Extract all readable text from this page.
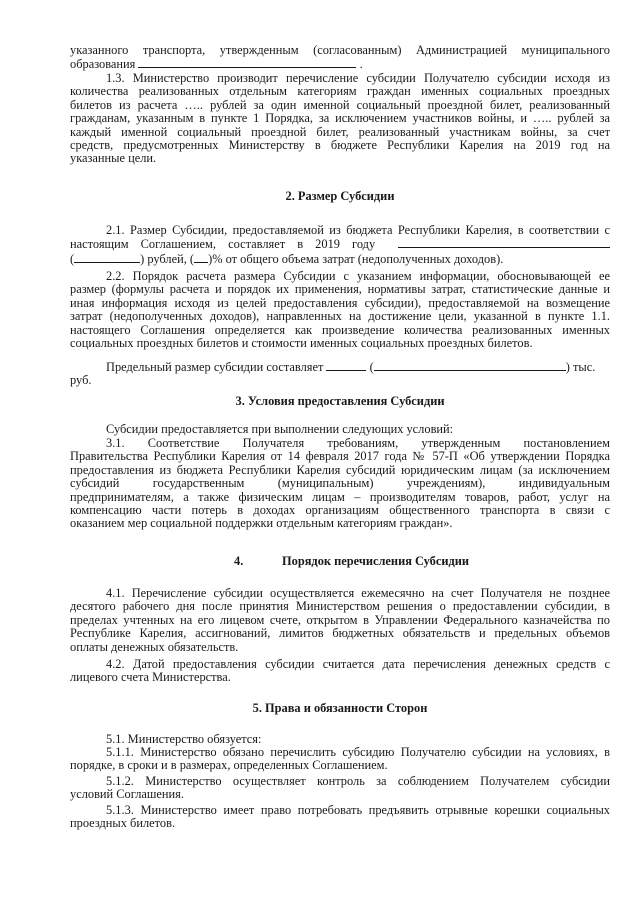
указанного транспорта, утвержденным (согласованным) Администрацией муниципального
образования	.
1.3. Министерство производит перечисление субсидии Получателю субсидии исходя из
количества реализованных отдельным категориям граждан именных социальных проездных
билетов из расчета ….. рублей за один именной социальный проездной билет, реализованный
гражданам, указанным в пункте 1 Порядка, за исключением участников войны, и ….. рублей за
каждый именной социальный проездной билет, реализованный участникам войны, за счет
средств, предусмотренных Министерству в бюджете Республики Карелия на 2019 год на
указанные цели.
2. Размер Субсидии
2.1. Размер Субсидии, предоставляемой из бюджета Республики Карелия, в соответствии с
настоящим Соглашением, составляет в 2019 году
(	) рублей, ( )% от общего объема затрат (недополученных доходов).
2.2. Порядок расчета размера Субсидии с указанием информации, обосновывающей ее
размер (формулы расчета и порядок их применения, нормативы затрат, статистические данные и
иная информация исходя из целей предоставления субсидии), предоставляемой на возмещение
затрат (недополученных доходов), направленных на достижение цели, указанной в пункте 1.1.
настоящего Соглашения определяется как произведение количества реализованных именных
социальных проездных билетов и стоимости именных социальных проездных билетов.
Предельный размер субсидии составляет	(	) тыс.
руб.
3. Условия предоставления Субсидии
Субсидии предоставляется при выполнении следующих условий:
3.1. Соответствие Получателя требованиям, утвержденным постановлением
Правительства Республики Карелия от 14 февраля 2017 года № 57-П «Об утверждении Порядка
предоставления из бюджета Республики Карелия субсидий юридическим лицам (за исключением
субсидий государственным (муниципальным) учреждениям), индивидуальным
предпринимателям, а также физическим лицам – производителям товаров, работ, услуг на
компенсацию части потерь в доходах организациям общественного транспорта в связи с
оказанием мер социальной поддержки отдельным категориям граждан».
4.	Порядок перечисления Субсидии
4.1. Перечисление субсидии осуществляется ежемесячно на счет Получателя не позднее
десятого рабочего дня после принятия Министерством решения о предоставлении субсидии, в
пределах учтенных на его лицевом счете, открытом в Управлении Федерального казначейства по
Республике Карелия, ассигнований, лимитов бюджетных обязательств и предельных объемов
оплаты денежных обязательств.
4.2. Датой предоставления субсидии считается дата перечисления денежных средств с
лицевого счета Министерства.
5. Права и обязанности Сторон
5.1. Министерство обязуется:
5.1.1. Министерство обязано перечислить субсидию Получателю субсидии на условиях, в
порядке, в сроки и в размерах, определенных Соглашением.
5.1.2. Министерство осуществляет контроль за соблюдением Получателем субсидии
условий Соглашения.
5.1.3. Министерство имеет право потребовать предъявить отрывные корешки социальных
проездных билетов.
